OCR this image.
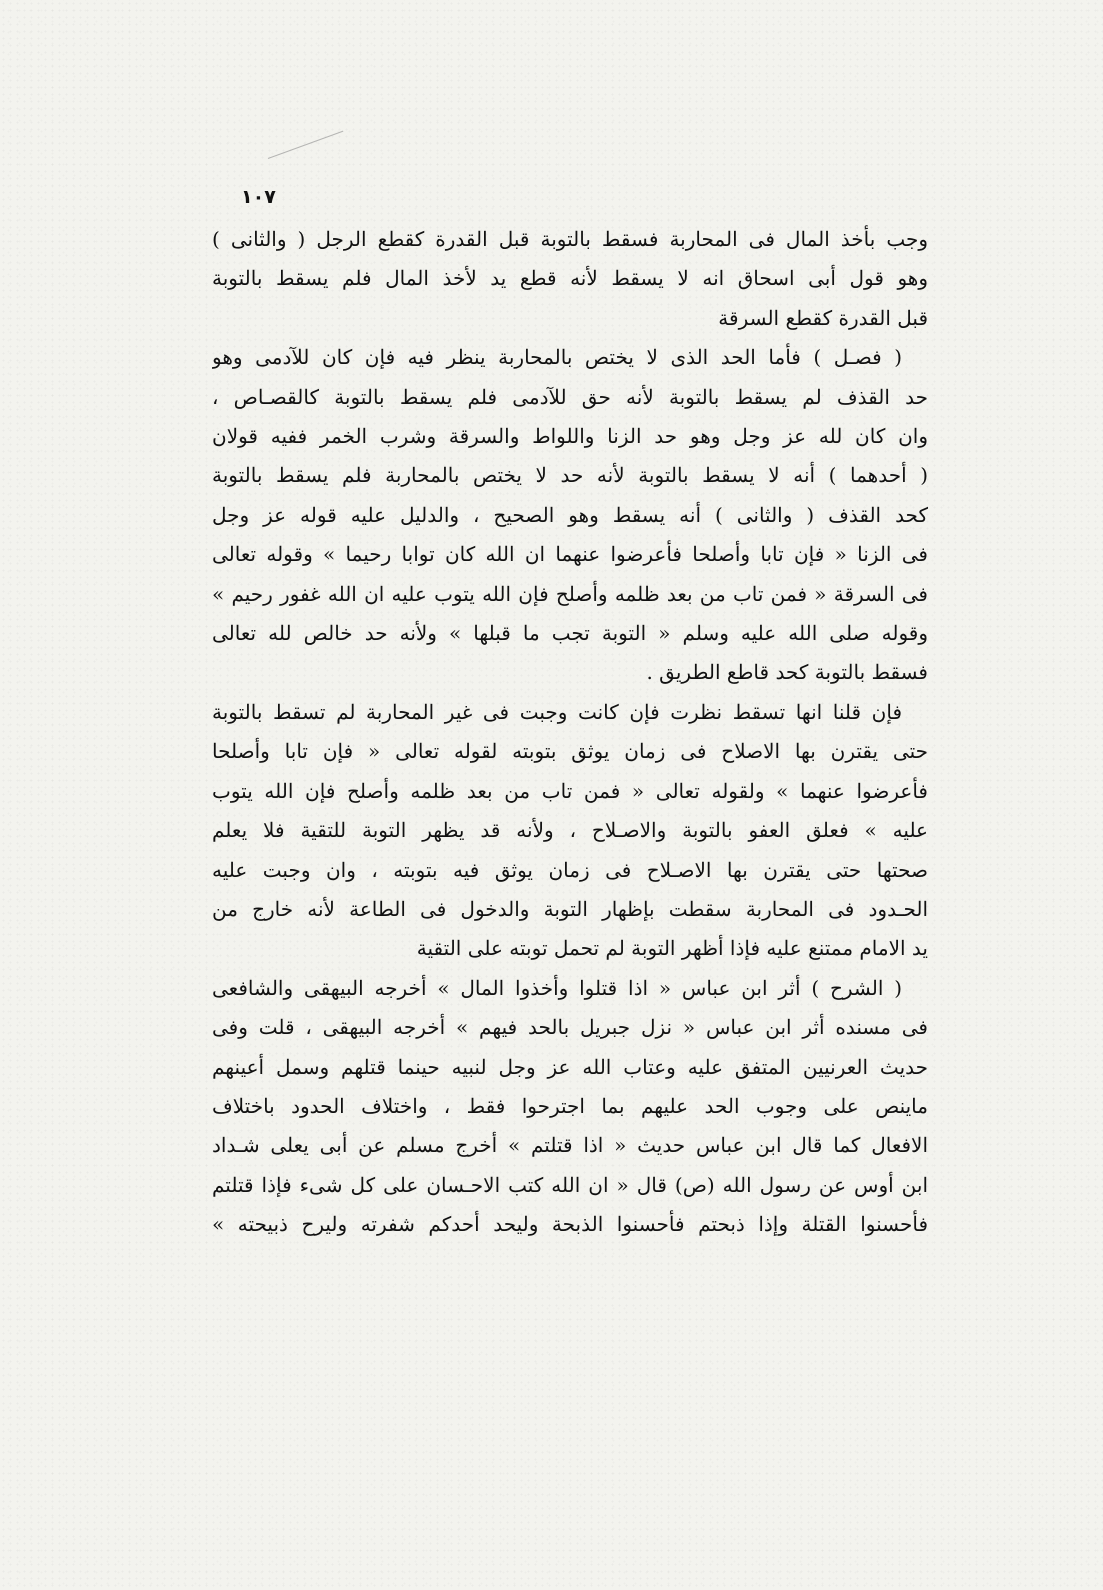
١٠٧
وجب بأخذ المال فى المحاربة فسقط بالتوبة قبل القدرة كقطع الرجل ( والثانى )
وهو قول أبى اسحاق انه لا يسقط لأنه قطع يد لأخذ المال فلم يسقط بالتوبة
قبل القدرة كقطع السرقة
( فصـل ) فأما الحد الذى لا يختص بالمحاربة ينظر فيه فإن كان للآدمى وهو
حد القذف لم يسقط بالتوبة لأنه حق للآدمى فلم يسقط بالتوبة كالقصـاص ،
وان كان لله عز وجل وهو حد الزنا واللواط والسرقة وشرب الخمر ففيه قولان
( أحدهما ) أنه لا يسقط بالتوبة لأنه حد لا يختص بالمحاربة فلم يسقط بالتوبة
كحد القذف ( والثانى ) أنه يسقط وهو الصحيح ، والدليل عليه قوله عز وجل
فى الزنا « فإن تابا وأصلحا فأعرضوا عنهما ان الله كان توابا رحيما » وقوله تعالى
فى السرقة « فمن تاب من بعد ظلمه وأصلح فإن الله يتوب عليه ان الله غفور رحيم »
وقوله صلى الله عليه وسلم « التوبة تجب ما قبلها » ولأنه حد خالص لله تعالى
فسقط بالتوبة كحد قاطع الطريق .
فإن قلنا انها تسقط نظرت فإن كانت وجبت فى غير المحاربة لم تسقط بالتوبة
حتى يقترن بها الاصلاح فى زمان يوثق بتوبته لقوله تعالى « فإن تابا وأصلحا
فأعرضوا عنهما » ولقوله تعالى « فمن تاب من بعد ظلمه وأصلح فإن الله يتوب
عليه » فعلق العفو بالتوبة والاصـلاح ، ولأنه قد يظهر التوبة للتقية فلا يعلم
صحتها حتى يقترن بها الاصـلاح فى زمان يوثق فيه بتوبته ، وان وجبت عليه
الحـدود فى المحاربة سقطت بإظهار التوبة والدخول فى الطاعة لأنه خارج من
يد الامام ممتنع عليه فإذا أظهر التوبة لم تحمل توبته على التقية
( الشرح ) أثر ابن عباس « اذا قتلوا وأخذوا المال » أخرجه البيهقى والشافعى
فى مسنده أثر ابن عباس « نزل جبريل بالحد فيهم » أخرجه البيهقى ، قلت وفى
حديث العرنيين المتفق عليه وعتاب الله عز وجل لنبيه حينما قتلهم وسمل أعينهم
ماينص على وجوب الحد عليهم بما اجترحوا فقط ، واختلاف الحدود باختلاف
الافعال كما قال ابن عباس حديث « اذا قتلتم » أخرج مسلم عن أبى يعلى شـداد
ابن أوس عن رسول الله (ص) قال « ان الله كتب الاحـسان على كل شىء فإذا قتلتم
فأحسنوا القتلة وإذا ذبحتم فأحسنوا الذبحة وليحد أحدكم شفرته وليرح ذبيحته »
